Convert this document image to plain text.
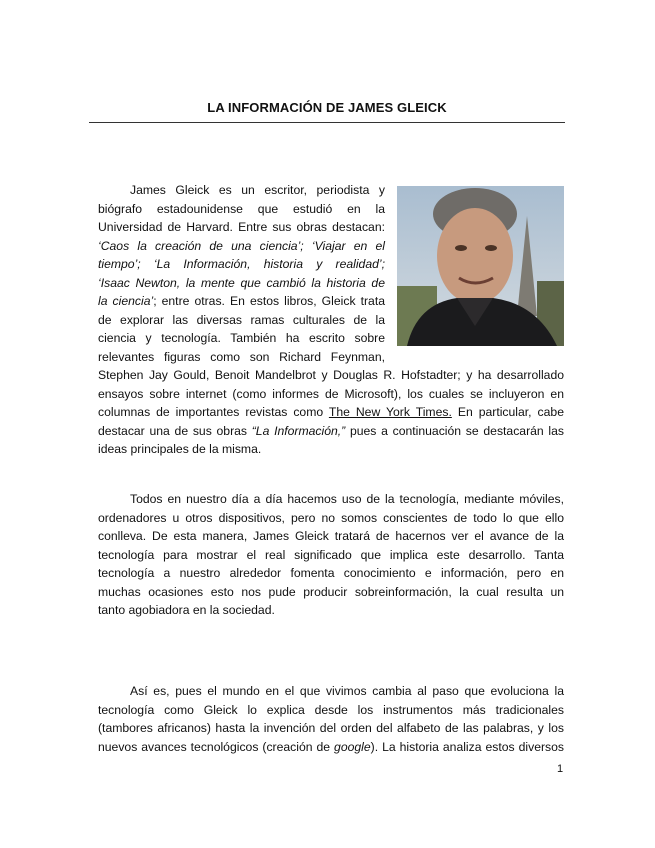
LA INFORMACIÓN DE JAMES GLEICK
James Gleick es un escritor, periodista y
biógrafo estadounidense que estudió en la
Universidad de Harvard. Entre sus obras destacan:
‘Caos la creación de una ciencia’; ‘Viajar en el
tiempo’; ‘La Información, historia y realidad’;
‘Isaac Newton, la mente que cambió la historia de
la ciencia’; entre otras. En estos libros, Gleick trata
de explorar las diversas ramas culturales de la
ciencia y tecnología. También ha escrito sobre
relevantes figuras como son Richard Feynman,
Stephen Jay Gould, Benoit Mandelbrot y Douglas R. Hofstadter; y ha desarrollado
ensayos sobre internet (como informes de Microsoft), los cuales se incluyeron en
columnas de importantes revistas como The New York Times. En particular, cabe
destacar una de sus obras “La Información,” pues a continuación se destacarán las
ideas principales de la misma.
Todos en nuestro día a día hacemos uso de la tecnología, mediante móviles,
ordenadores u otros dispositivos, pero no somos conscientes de todo lo que ello
conlleva. De esta manera, James Gleick tratará de hacernos ver el avance de la
tecnología para mostrar el real significado que implica este desarrollo. Tanta
tecnología a nuestro alrededor fomenta conocimiento e información, pero en
muchas ocasiones esto nos pude producir sobreinformación, la cual resulta un
tanto agobiadora en la sociedad.
Así es, pues el mundo en el que vivimos cambia al paso que evoluciona la
tecnología como Gleick lo explica desde los instrumentos más tradicionales
(tambores africanos) hasta la invención del orden del alfabeto de las palabras, y los
nuevos avances tecnológicos (creación de google). La historia analiza estos diversos
1
